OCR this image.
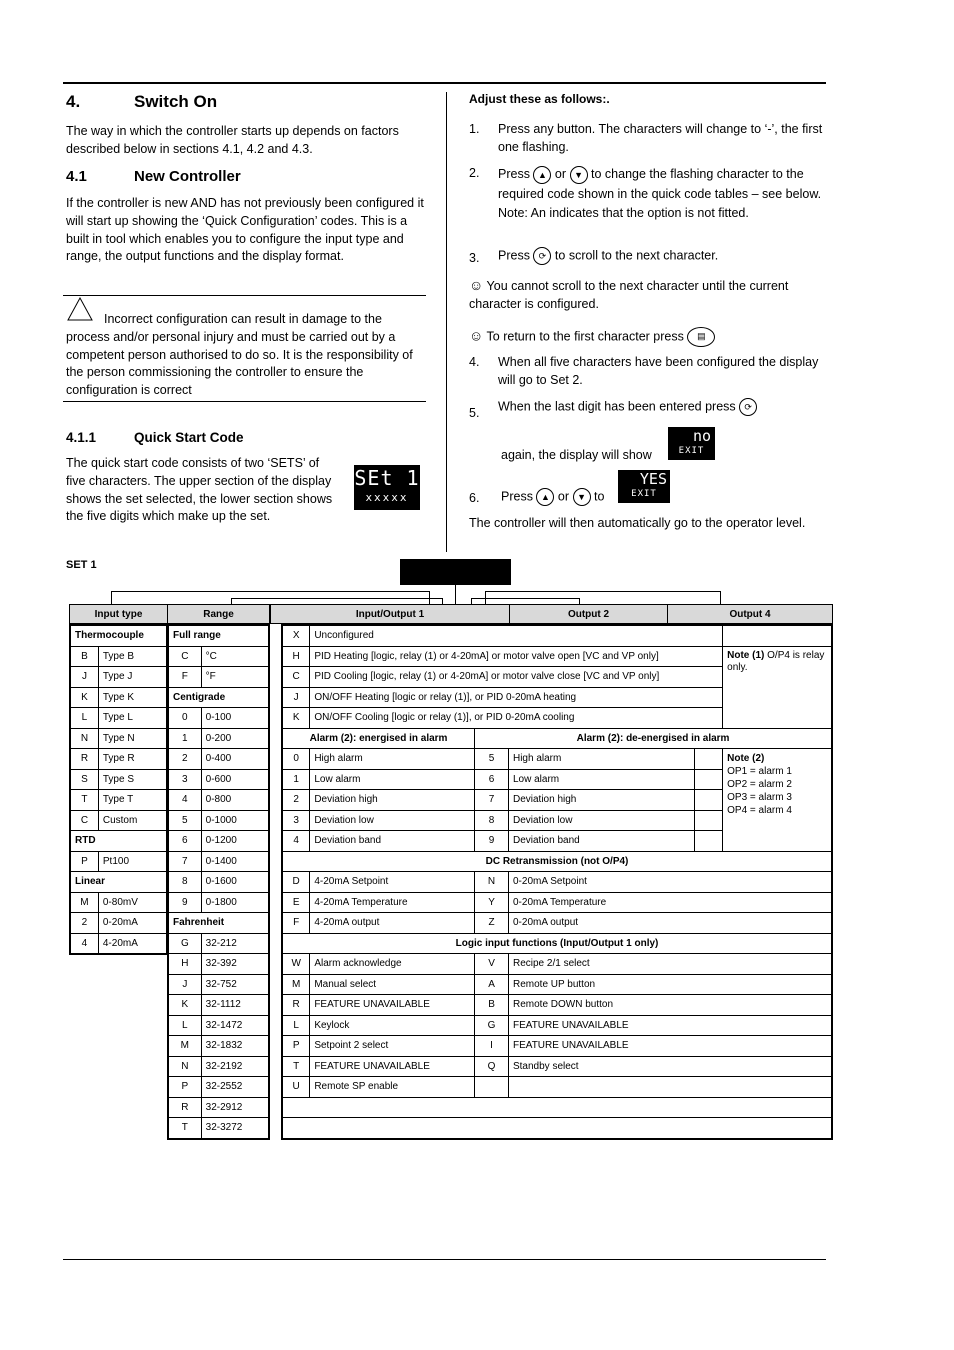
4.	Switch On
The way in which the controller starts up depends on factors described below in sections 4.1, 4.2 and 4.3.
4.1	New Controller
If the controller is new AND has not previously been configured it will start up showing the ‘Quick Configuration’ codes. This is a built in tool which enables you to configure the input type and range, the output functions and the display format.
Incorrect configuration can result in damage to the process and/or personal injury and must be carried out by a competent person authorised to do so. It is the responsibility of the person commissioning the controller to ensure the configuration is correct
4.1.1	Quick Start Code
The quick start code consists of two ‘SETS’ of five characters. The upper section of the display shows the set selected, the lower section shows the five digits which make up the set.
SEt 1
xxxxx
SET 1
Adjust these as follows:.
1. Press any button. The characters will change to ‘-’, the first one flashing.
2. Press ▲ or ▼ to change the flashing character to the required code shown in the quick code tables – see below. Note: An indicates that the option is not fitted.
3. Press ⟳ to scroll to the next character.
☺ You cannot scroll to the next character until the current character is configured.
☺ To return to the first character press ▤
4. When all five characters have been configured the display will go to Set 2.
5. When the last digit has been entered press ⟳
again, the display will show
no
EXIT
6. Press ▲ or ▼ to
YES
EXIT
The controller will then automatically go to the operator level.
Input type	Range	Input/Output 1	Output 2	Output 4
Thermocouple	
B	Type B
J	Type J
K	Type K
L	Type L
N	Type N
R	Type R
S	Type S
T	Type T
C	Custom
RTD	
P	Pt100
Linear	
M	0-80mV
2	0-20mA
4	4-20mA
Full range	
C	°C
F	°F
Centigrade	
0	0-100
1	0-200
2	0-400
3	0-600
4	0-800
5	0-1000
6	0-1200
7	0-1400
8	0-1600
9	0-1800
Fahrenheit	
G	32-212
H	32-392
J	32-752
K	32-1112
L	32-1472
M	32-1832
N	32-2192
P	32-2552
R	32-2912
T	32-3272
X	Unconfigured				
H	PID Heating [logic, relay (1) or 4-20mA] or motor valve open [VC and VP only]				Note (1) O/P4 is relay only.
C	PID Cooling [logic, relay (1) or 4-20mA] or motor valve close [VC and VP only]				
J	ON/OFF Heating [logic or relay (1)], or PID 0-20mA heating				
K	ON/OFF Cooling [logic or relay (1)], or PID 0-20mA cooling				
Alarm (2): energised in alarm		Alarm (2): de-energised in alarm			
0	High alarm	5	High alarm		Note (2)
OP1 = alarm 1
OP2 = alarm 2
OP3 = alarm 3
OP4 = alarm 4

1	Low alarm	6	Low alarm		
2	Deviation high	7	Deviation high		
3	Deviation low	8	Deviation low		
4	Deviation band	9	Deviation band		
DC Retransmission (not O/P4)					
D	4-20mA Setpoint	N	0-20mA Setpoint		
E	4-20mA Temperature	Y	0-20mA Temperature		
F	4-20mA output	Z	0-20mA output		
Logic input functions (Input/Output 1 only)					
W	Alarm acknowledge	V	Recipe 2/1 select		
M	Manual select	A	Remote UP button		
R	FEATURE UNAVAILABLE	B	Remote DOWN button		
L	Keylock	G	FEATURE UNAVAILABLE		
P	Setpoint 2 select	I	FEATURE UNAVAILABLE		
T	FEATURE UNAVAILABLE	Q	Standby select		
U	Remote SP enable				
